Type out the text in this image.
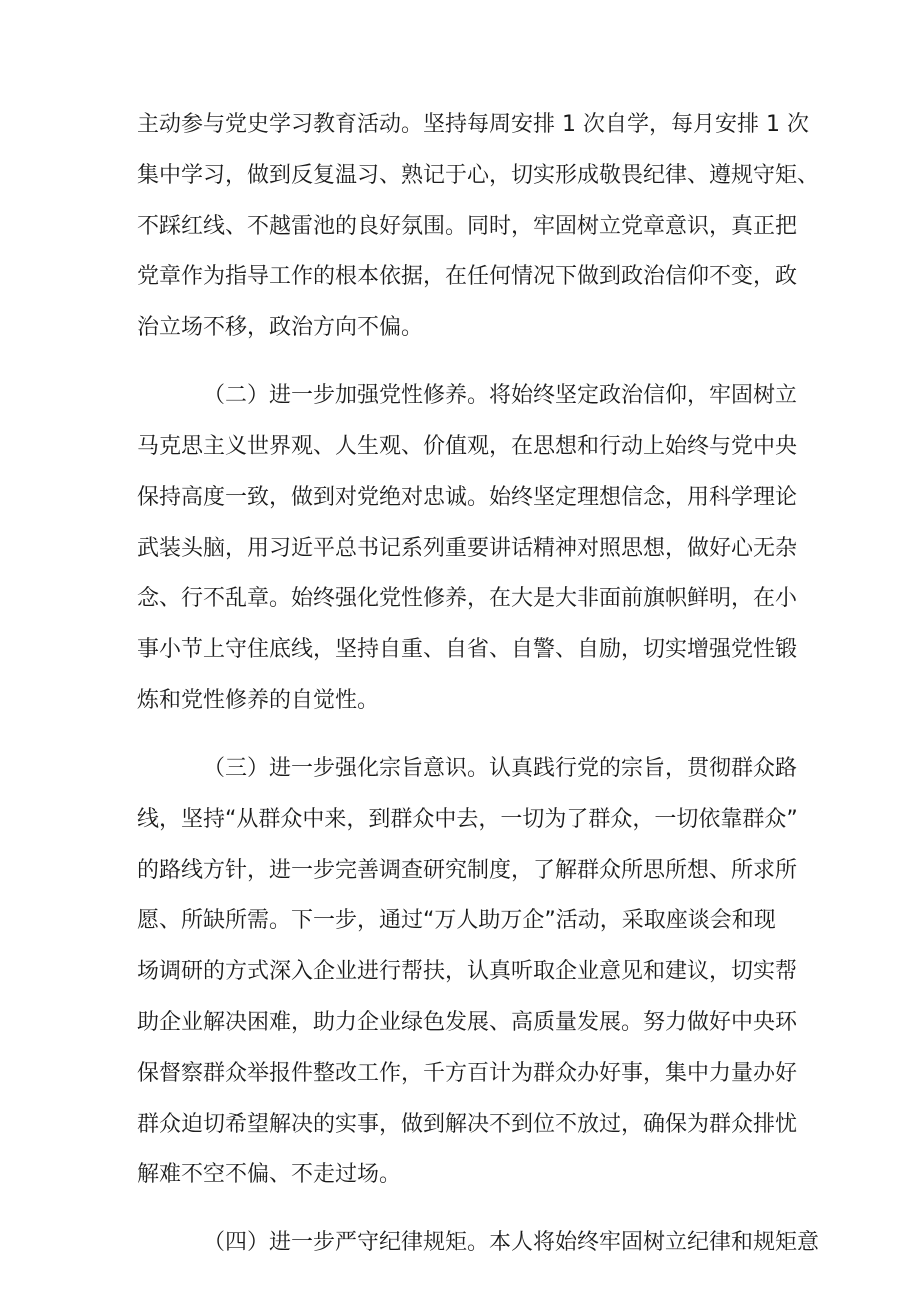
主动参与党史学习教育活动。坚持每周安排 1 次自学，每月安排 1 次
集中学习，做到反复温习、熟记于心，切实形成敬畏纪律、遵规守矩、
不踩红线、不越雷池的良好氛围。同时，牢固树立党章意识，真正把
党章作为指导工作的根本依据，在任何情况下做到政治信仰不变，政
治立场不移，政治方向不偏。
（二）进一步加强党性修养。将始终坚定政治信仰，牢固树立
马克思主义世界观、人生观、价值观，在思想和行动上始终与党中央
保持高度一致，做到对党绝对忠诚。始终坚定理想信念，用科学理论
武装头脑，用习近平总书记系列重要讲话精神对照思想，做好心无杂
念、行不乱章。始终强化党性修养，在大是大非面前旗帜鲜明，在小
事小节上守住底线，坚持自重、自省、自警、自励，切实增强党性锻
炼和党性修养的自觉性。
（三）进一步强化宗旨意识。认真践行党的宗旨，贯彻群众路
线，坚持“从群众中来，到群众中去，一切为了群众，一切依靠群众”
的路线方针，进一步完善调查研究制度，了解群众所思所想、所求所
愿、所缺所需。下一步，通过“万人助万企”活动，采取座谈会和现
场调研的方式深入企业进行帮扶，认真听取企业意见和建议，切实帮
助企业解决困难，助力企业绿色发展、高质量发展。努力做好中央环
保督察群众举报件整改工作，千方百计为群众办好事，集中力量办好
群众迫切希望解决的实事，做到解决不到位不放过，确保为群众排忧
解难不空不偏、不走过场。
（四）进一步严守纪律规矩。本人将始终牢固树立纪律和规矩意
